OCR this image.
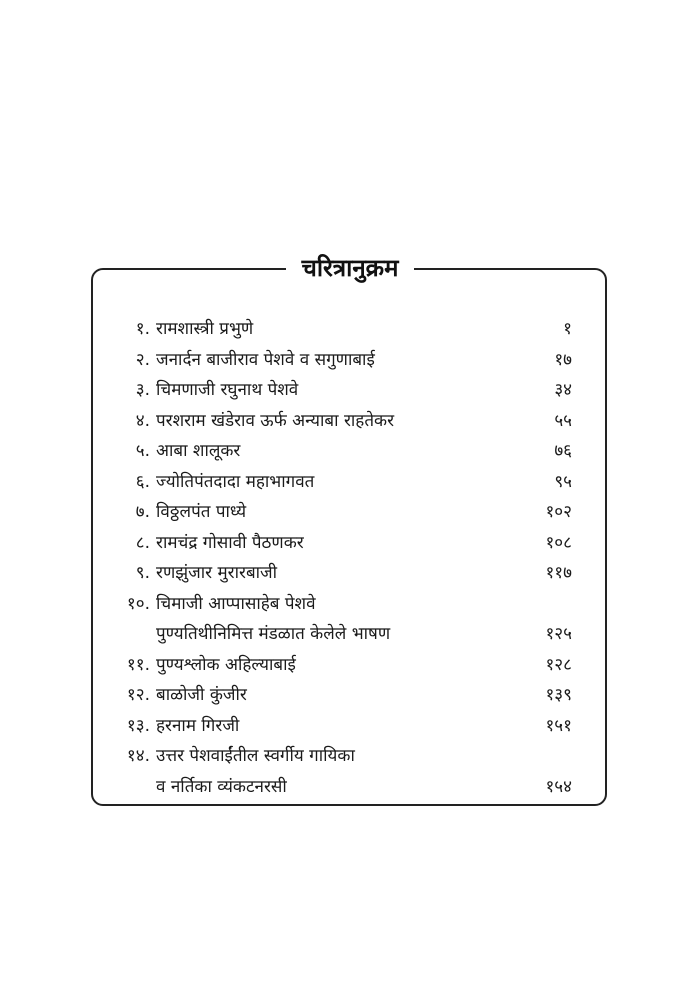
चरित्रानुक्रम
१. रामशास्त्री प्रभुणे	१
२. जनार्दन बाजीराव पेशवे व सगुणाबाई	१७
३. चिमणाजी रघुनाथ पेशवे	३४
४. परशराम खंडेराव ऊर्फ अन्याबा राहतेकर	५५
५. आबा शालूकर	७६
६. ज्योतिपंतदादा महाभागवत	९५
७. विठ्ठलपंत पाध्ये	१०२
८. रामचंद्र गोसावी पैठणकर	१०८
९. रणझुंजार मुरारबाजी	११७
१०. चिमाजी आप्पासाहेब पेशवे
पुण्यतिथीनिमित्त मंडळात केलेले भाषण	१२५
११. पुण्यश्लोक अहिल्याबाई	१२८
१२. बाळोजी कुंजीर	१३९
१३. हरनाम गिरजी	१५१
१४. उत्तर पेशवाईंतील स्वर्गीय गायिका
व नर्तिका व्यंकटनरसी	१५४
